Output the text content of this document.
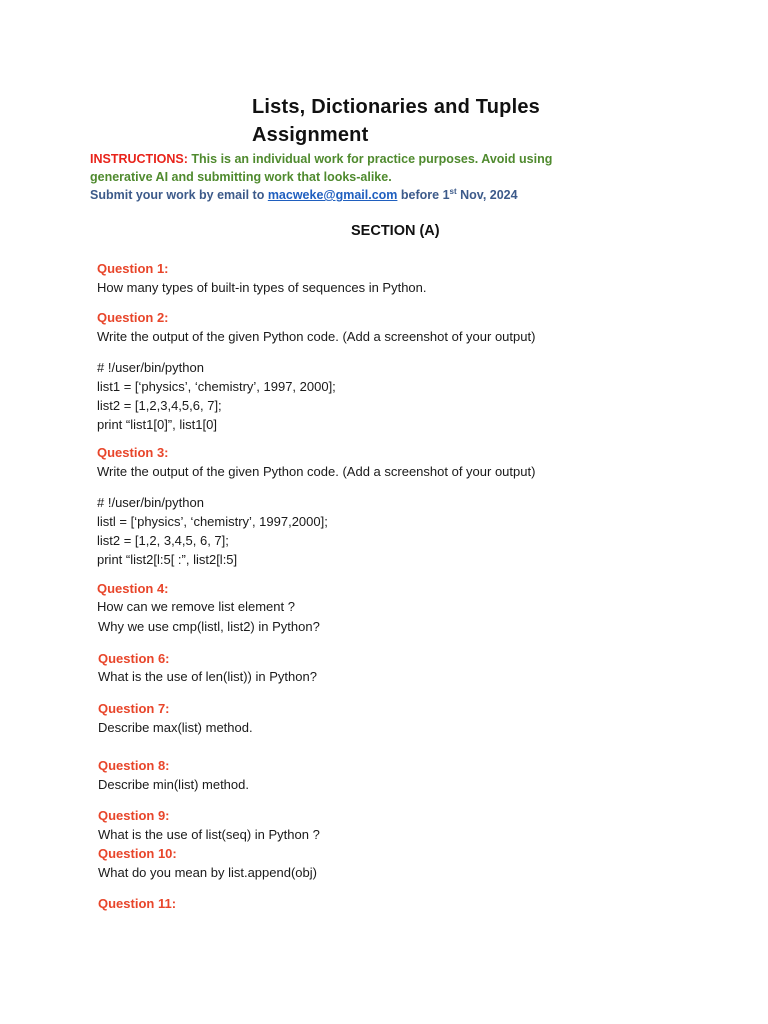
Lists, Dictionaries and Tuples
Assignment
INSTRUCTIONS: This is an individual work for practice purposes. Avoid using
generative AI and submitting work that looks-alike.
Submit your work by email to macweke@gmail.com before 1st Nov, 2024
SECTION (A)
Question 1:
How many types of built-in types of sequences in Python.
Question 2:
Write the output of the given Python code. (Add a screenshot of your output)
# !/user/bin/python
list1 = [‘physics’, ‘chemistry’, 1997, 2000];
list2 = [1,2,3,4,5,6, 7];
print “list1[0]”, list1[0]
Question 3:
Write the output of the given Python code. (Add a screenshot of your output)
# !/user/bin/python
listl = [‘physics’, ‘chemistry’, 1997,2000];
list2 = [1,2, 3,4,5, 6, 7];
print “list2[l:5[ :”, list2[l:5]
Question 4:
How can we remove list element ?
Why we use cmp(listl, list2) in Python?
Question 6:
What is the use of len(list)) in Python?
Question 7:
Describe max(list) method.
Question 8:
Describe min(list) method.
Question 9:
What is the use of list(seq) in Python ?
Question 10:
What do you mean by list.append(obj)
Question 11:
